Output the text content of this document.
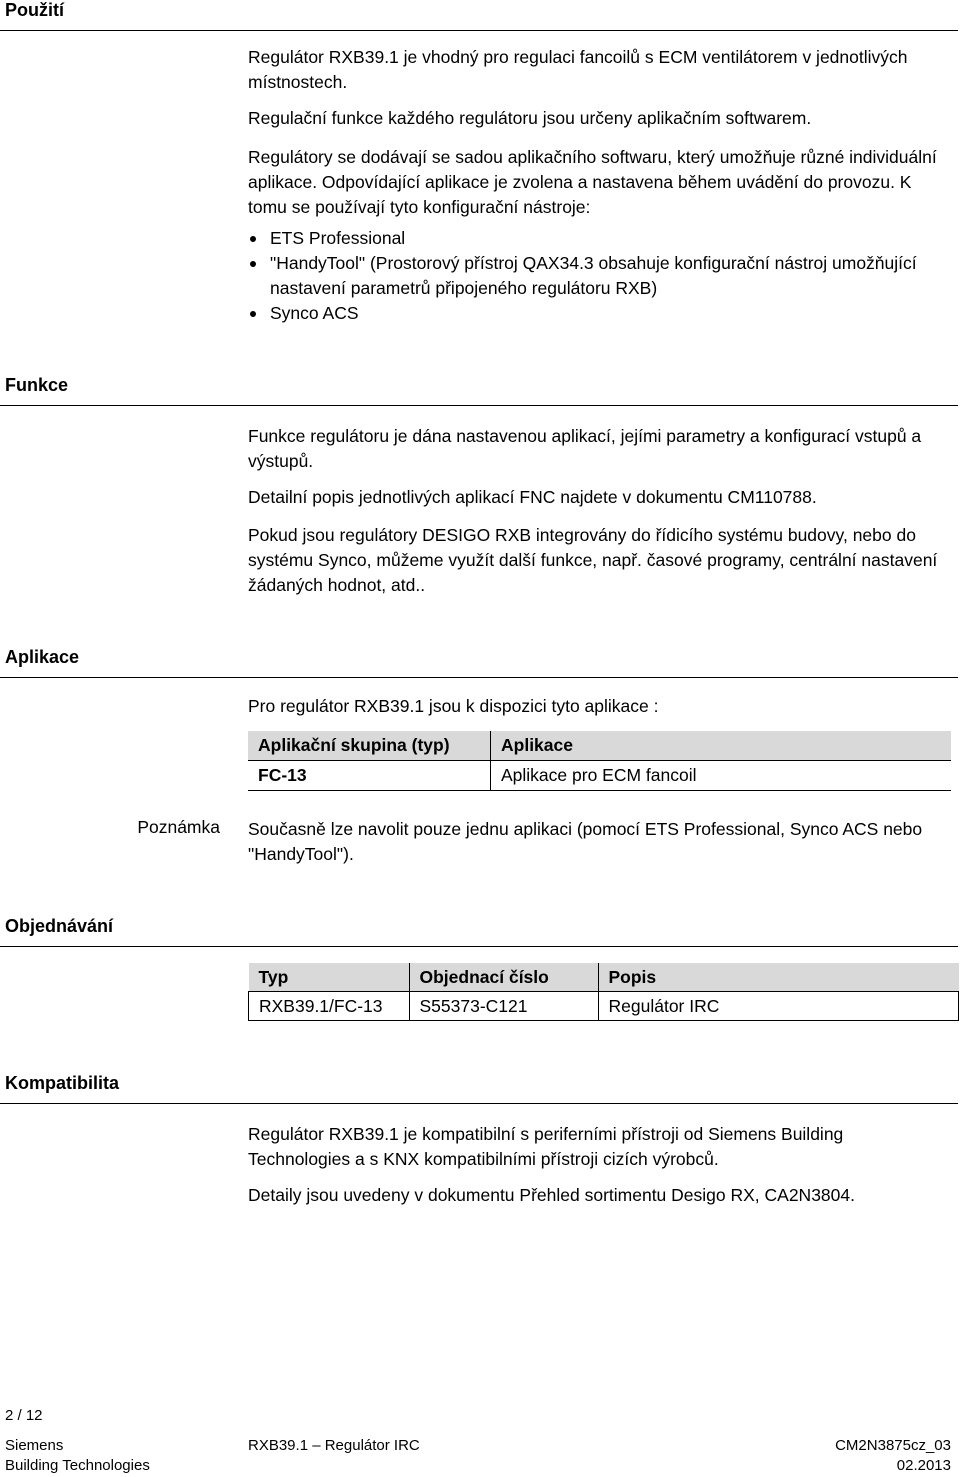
Použití

Regulátor RXB39.1 je vhodný pro regulaci fancoilů s ECM ventilátorem v jednotlivých místnostech.

Regulační funkce každého regulátoru jsou určeny aplikačním softwarem.

Regulátory se dodávají se sadou aplikačního softwaru, který umožňuje různé individuální aplikace. Odpovídající aplikace je zvolena a nastavena během uvádění do provozu. K tomu se používají tyto konfigurační nástroje:

ETS Professional
"HandyTool" (Prostorový přístroj QAX34.3 obsahuje konfigurační nástroj umožňující nastavení parametrů připojeného regulátoru RXB)
Synco ACS
Funkce

Funkce regulátoru je dána nastavenou aplikací, jejími parametry a konfigurací vstupů a výstupů.

Detailní popis jednotlivých aplikací FNC najdete v dokumentu CM110788.

Pokud jsou regulátory DESIGO RXB integrovány do řídicího systému budovy, nebo do systému Synco, můžeme využít další funkce, např. časové programy, centrální nastavení žádaných hodnot, atd..

Aplikace

Pro regulátor RXB39.1 jsou k dispozici tyto aplikace :

Aplikační skupina (typ)	Aplikace
FC-13	Aplikace pro ECM fancoil
Poznámka Současně lze navolit pouze jednu aplikaci (pomocí ETS Professional, Synco ACS nebo "HandyTool").

Objednávání
Typ	Objednací číslo	Popis
RXB39.1/FC-13	S55373-C121	Regulátor IRC
Kompatibilita

Regulátor RXB39.1 je kompatibilní s periferními přístroji od Siemens Building Technologies a s KNX kompatibilními přístroji cizích výrobců.

Detaily jsou uvedeny v dokumentu Přehled sortimentu Desigo RX, CA2N3804.

2 / 12
Siemens
Building Technologies
RXB39.1 – Regulátor IRC	CM2N3875cz_03
02.2013
